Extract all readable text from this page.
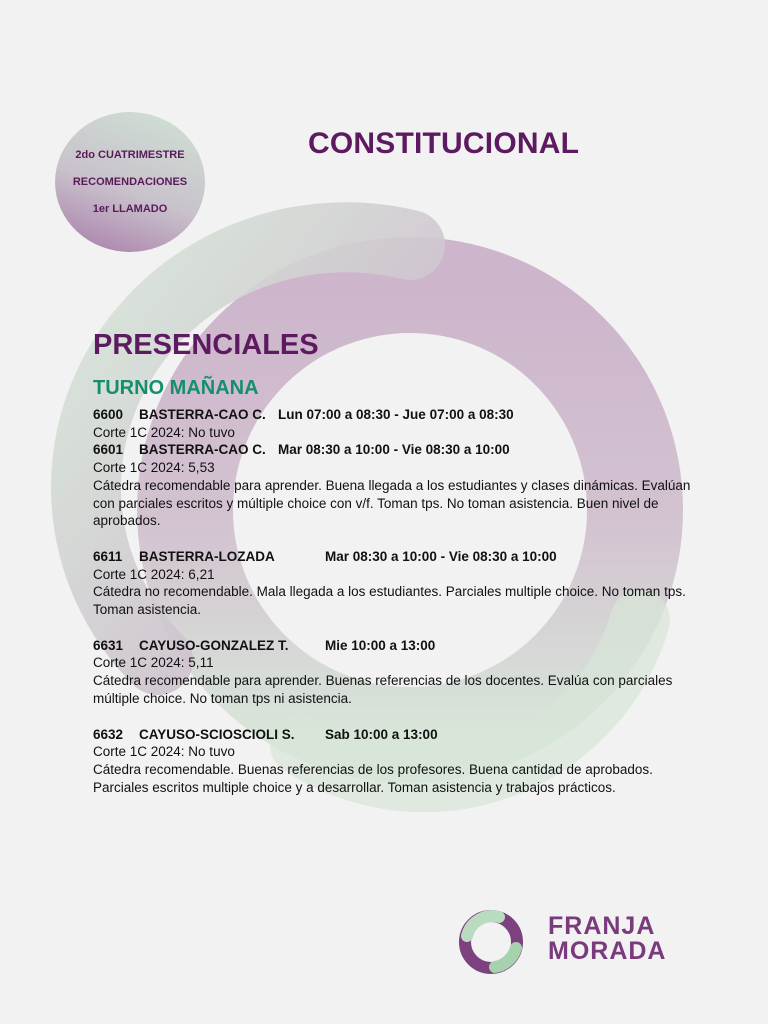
2do CUATRIMESTRE
RECOMENDACIONES
1er LLAMADO
CONSTITUCIONAL
PRESENCIALES
TURNO MAÑANA
6600 BASTERRA-CAO C. Lun 07:00 a 08:30 - Jue 07:00 a 08:30
Corte 1C 2024: No tuvo
6601 BASTERRA-CAO C. Mar 08:30 a 10:00 - Vie 08:30 a 10:00
Corte 1C 2024: 5,53
Cátedra recomendable para aprender. Buena llegada a los estudiantes y clases dinámicas. Evalúan con parciales escritos y múltiple choice con v/f. Toman tps. No toman asistencia. Buen nivel de aprobados.
6611 BASTERRA-LOZADA	Mar 08:30 a 10:00 - Vie 08:30 a 10:00
Corte 1C 2024: 6,21
Cátedra no recomendable. Mala llegada a los estudiantes. Parciales multiple choice. No toman tps. Toman asistencia.
6631 CAYUSO-GONZALEZ T.	Mie 10:00 a 13:00
Corte 1C 2024: 5,11
Cátedra recomendable para aprender. Buenas referencias de los docentes. Evalúa con parciales múltiple choice. No toman tps ni asistencia.
6632 CAYUSO-SCIOSCIOLI S. Sab 10:00 a 13:00
Corte 1C 2024: No tuvo
Cátedra recomendable. Buenas referencias de los profesores. Buena cantidad de aprobados. Parciales escritos multiple choice y a desarrollar. Toman asistencia y trabajos prácticos.
FRANJA
MORADA
